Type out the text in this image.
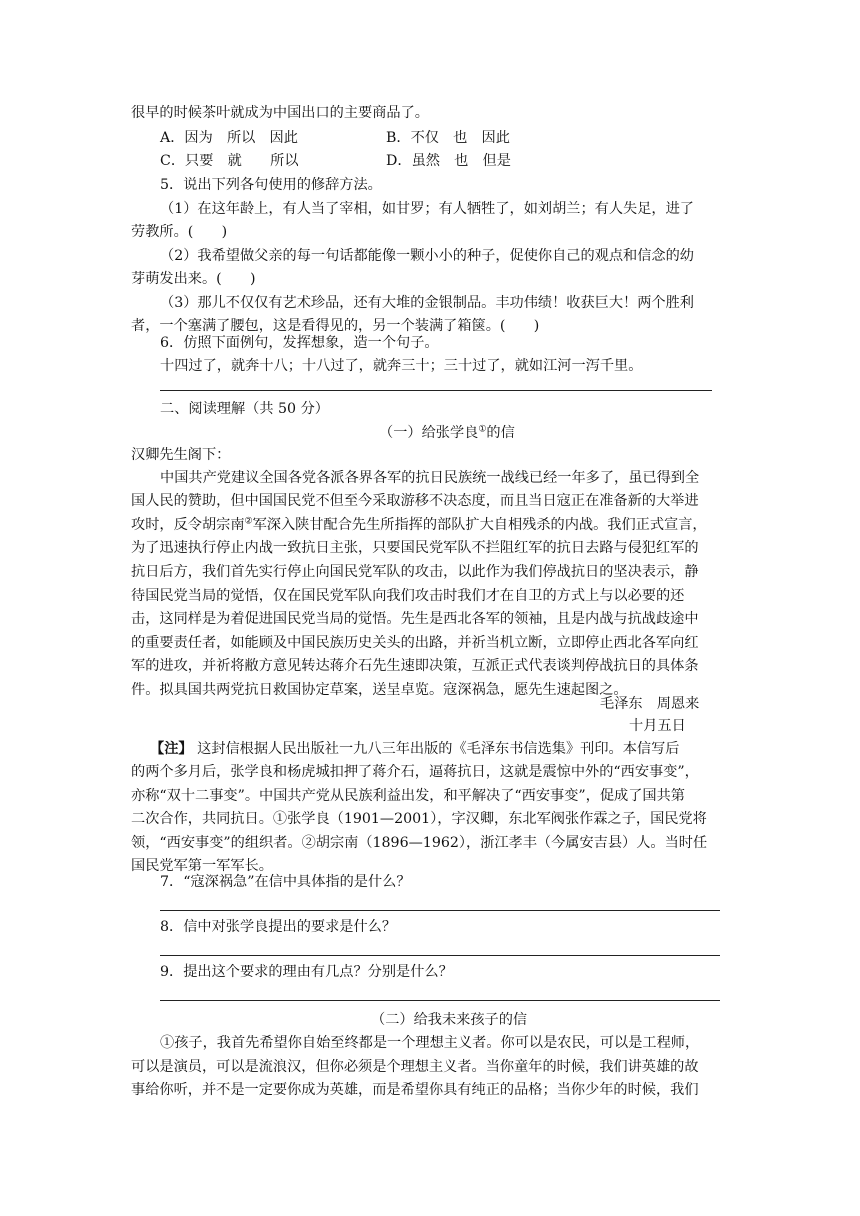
很早的时候茶叶就成为中国出口的主要商品了。
A．因为　所以　因此	B．不仅　也　因此
C．只要　就　　所以	D．虽然　也　但是
5．说出下列各句使用的修辞方法。
（1）在这年龄上，有人当了宰相，如甘罗；有人牺牲了，如刘胡兰；有人失足，进了
劳教所。(　　)
（2）我希望做父亲的每一句话都能像一颗小小的种子，促使你自己的观点和信念的幼
芽萌发出来。(　　)
（3）那儿不仅仅有艺术珍品，还有大堆的金银制品。丰功伟绩！收获巨大！两个胜利
者，一个塞满了腰包，这是看得见的，另一个装满了箱箧。(　　)
6．仿照下面例句，发挥想象，造一个句子。
十四过了，就奔十八；十八过了，就奔三十；三十过了，就如江河一泻千里。
二、阅读理解（共 50 分）
（一）给张学良①的信
汉卿先生阁下：
中国共产党建议全国各党各派各界各军的抗日民族统一战线已经一年多了，虽已得到全
国人民的赞助，但中国国民党不但至今采取游移不决态度，而且当日寇正在准备新的大举进
攻时，反令胡宗南②军深入陕甘配合先生所指挥的部队扩大自相残杀的内战。我们正式宣言，
为了迅速执行停止内战一致抗日主张，只要国民党军队不拦阻红军的抗日去路与侵犯红军的
抗日后方，我们首先实行停止向国民党军队的攻击，以此作为我们停战抗日的坚决表示，静
待国民党当局的觉悟，仅在国民党军队向我们攻击时我们才在自卫的方式上与以必要的还
击，这同样是为着促进国民党当局的觉悟。先生是西北各军的领袖，且是内战与抗战歧途中
的重要责任者，如能顾及中国民族历史关头的出路，并祈当机立断，立即停止西北各军向红
军的进攻，并祈将敝方意见转达蒋介石先生速即决策，互派正式代表谈判停战抗日的具体条
件。拟具国共两党抗日救国协定草案，送呈卓览。寇深祸急，愿先生速起图之。
毛泽东　周恩来
十月五日
【注】 这封信根据人民出版社一九八三年出版的《毛泽东书信选集》刊印。本信写后
的两个多月后，张学良和杨虎城扣押了蒋介石，逼蒋抗日，这就是震惊中外的“西安事变”，
亦称“双十二事变”。中国共产党从民族利益出发，和平解决了“西安事变”，促成了国共第
二次合作，共同抗日。①张学良（1901—2001），字汉卿，东北军阀张作霖之子，国民党将
领，“西安事变”的组织者。②胡宗南（1896—1962），浙江孝丰（今属安吉县）人。当时任
国民党军第一军军长。
7．“寇深祸急”在信中具体指的是什么？
8．信中对张学良提出的要求是什么？
9．提出这个要求的理由有几点？分别是什么？
（二）给我未来孩子的信
①孩子，我首先希望你自始至终都是一个理想主义者。你可以是农民，可以是工程师，
可以是演员，可以是流浪汉，但你必须是个理想主义者。当你童年的时候，我们讲英雄的故
事给你听，并不是一定要你成为英雄，而是希望你具有纯正的品格；当你少年的时候，我们
